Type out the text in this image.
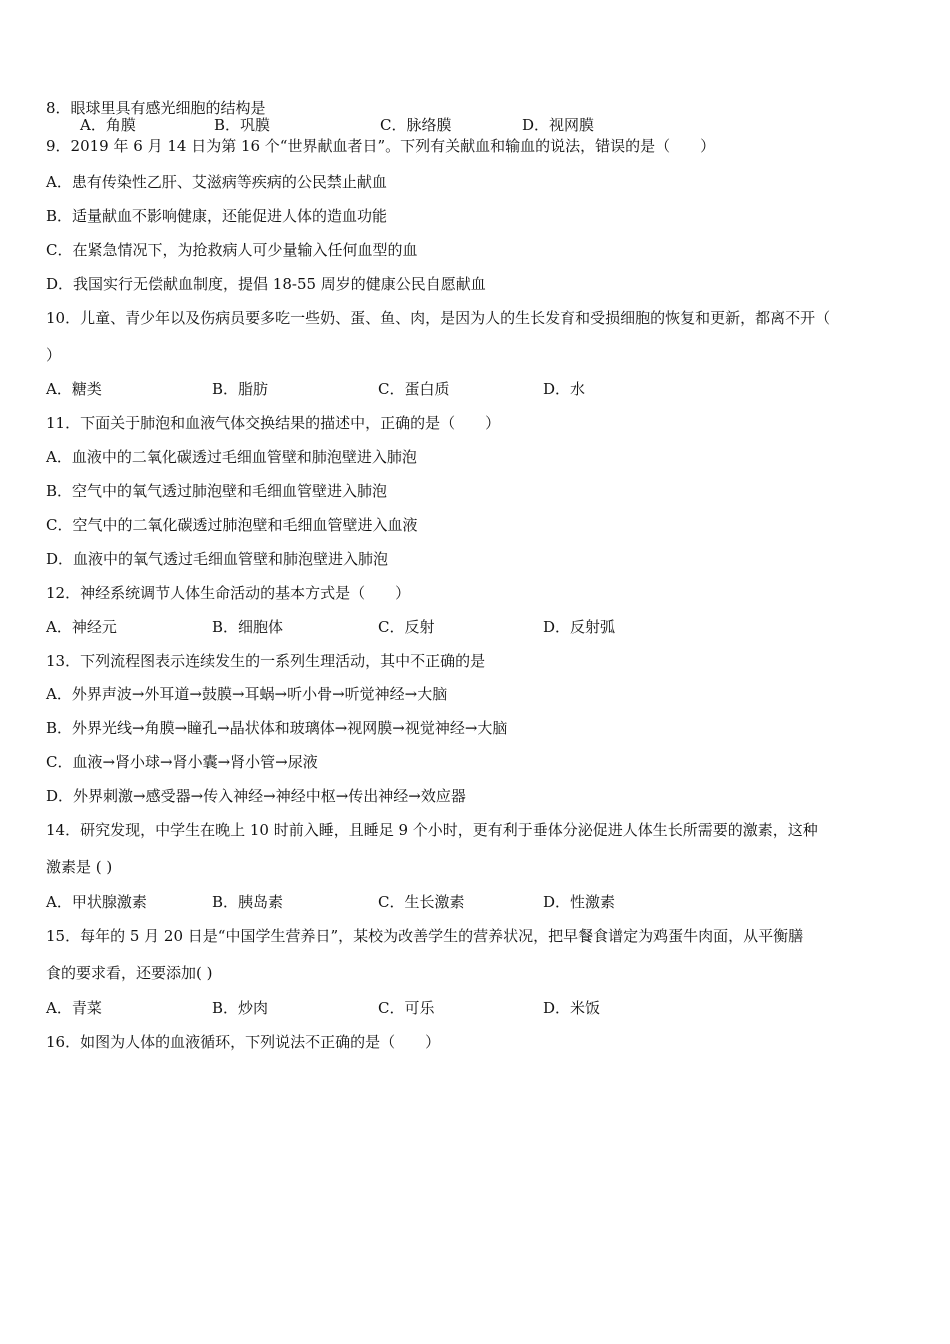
8．眼球里具有感光细胞的结构是
A．角膜	B．巩膜	C．脉络膜	D．视网膜
9．2019 年 6 月 14 日为第 16 个“世界献血者日”。下列有关献血和输血的说法，错误的是（　　）
A．患有传染性乙肝、艾滋病等疾病的公民禁止献血
B．适量献血不影响健康，还能促进人体的造血功能
C．在紧急情况下，为抢救病人可少量输入任何血型的血
D．我国实行无偿献血制度，提倡 18-55 周岁的健康公民自愿献血
10．儿童、青少年以及伤病员要多吃一些奶、蛋、鱼、肉，是因为人的生长发育和受损细胞的恢复和更新，都离不开（
）
A．糖类	B．脂肪	C．蛋白质	D．水
11．下面关于肺泡和血液气体交换结果的描述中，正确的是（　　）
A．血液中的二氧化碳透过毛细血管壁和肺泡壁进入肺泡
B．空气中的氧气透过肺泡壁和毛细血管壁进入肺泡
C．空气中的二氧化碳透过肺泡壁和毛细血管壁进入血液
D．血液中的氧气透过毛细血管壁和肺泡壁进入肺泡
12．神经系统调节人体生命活动的基本方式是（　　）
A．神经元	B．细胞体	C．反射	D．反射弧
13．下列流程图表示连续发生的一系列生理活动，其中不正确的是
A．外界声波→外耳道→鼓膜→耳蜗→听小骨→听觉神经→大脑
B．外界光线→角膜→瞳孔→晶状体和玻璃体→视网膜→视觉神经→大脑
C．血液→肾小球→肾小囊→肾小管→尿液
D．外界刺激→感受器→传入神经→神经中枢→传出神经→效应器
14．研究发现，中学生在晚上 10 时前入睡，且睡足 9 个小时，更有利于垂体分泌促进人体生长所需要的激素，这种
激素是 ( )
A．甲状腺激素	B．胰岛素	C．生长激素	D．性激素
15．每年的 5 月 20 日是“中国学生营养日”，某校为改善学生的营养状况，把早餐食谱定为鸡蛋牛肉面，从平衡膳
食的要求看，还要添加( )
A．青菜	B．炒肉	C．可乐	D．米饭
16．如图为人体的血液循环，下列说法不正确的是（　　）
